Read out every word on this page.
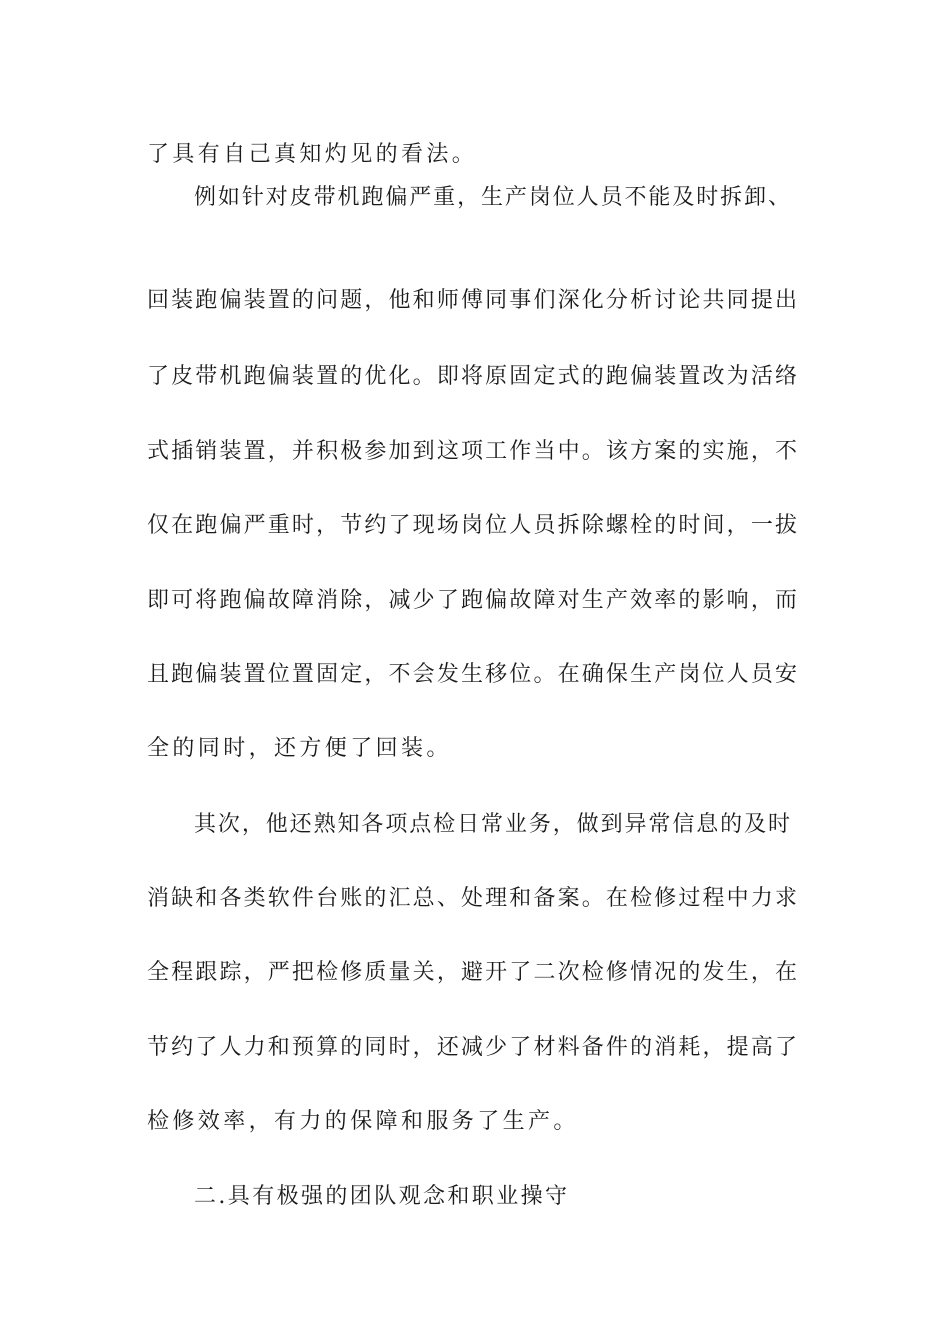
了具有自己真知灼见的看法。
例如针对皮带机跑偏严重，生产岗位人员不能及时拆卸、
回装跑偏装置的问题，他和师傅同事们深化分析讨论共同提出
了皮带机跑偏装置的优化。即将原固定式的跑偏装置改为活络
式插销装置，并积极参加到这项工作当中。该方案的实施，不
仅在跑偏严重时，节约了现场岗位人员拆除螺栓的时间，一拔
即可将跑偏故障消除，减少了跑偏故障对生产效率的影响，而
且跑偏装置位置固定，不会发生移位。在确保生产岗位人员安
全的同时，还方便了回装。
其次，他还熟知各项点检日常业务，做到异常信息的及时
消缺和各类软件台账的汇总、处理和备案。在检修过程中力求
全程跟踪，严把检修质量关，避开了二次检修情况的发生，在
节约了人力和预算的同时，还减少了材料备件的消耗，提高了
检修效率，有力的保障和服务了生产。
二.具有极强的团队观念和职业操守
